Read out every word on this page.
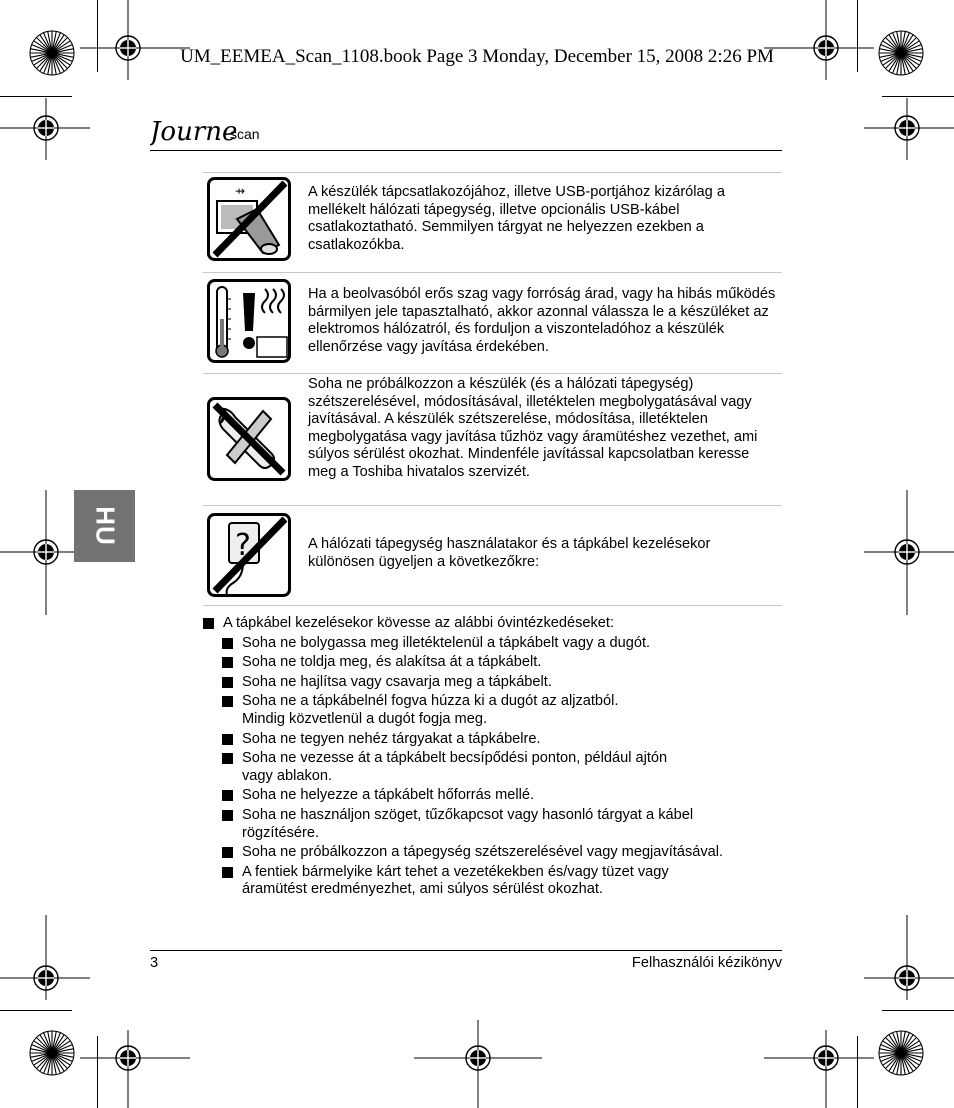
UM_EEMEA_Scan_1108.book Page 3 Monday, December 15, 2008 2:26 PM
Journe
scan
HU
⇸	A készülék tápcsatlakozójához, illetve USB-portjához kizárólag a mellékelt hálózati tápegység, illetve opcionális USB-kábel csatlakoztatható. Semmilyen tárgyat ne helyezzen ezekben a csatlakozókba.
Ha a beolvasóból erős szag vagy forróság árad, vagy ha hibás működés bármilyen jele tapasztalható, akkor azonnal válassza le a készüléket az elektromos hálózatról, és forduljon a viszonteladóhoz a készülék ellenőrzése vagy javítása érdekében.
Soha ne próbálkozzon a készülék (és a hálózati tápegység) szétszerelésével, módosításával, illetéktelen megbolygatásával vagy javításával. A készülék szétszerelése, módosítása, illetéktelen megbolygatása vagy javítása tűzhöz vagy áramütéshez vezethet, ami súlyos sérülést okozhat. Mindenféle javítással kapcsolatban keresse meg a Toshiba hivatalos szervizét.
?	A hálózati tápegység használatakor és a tápkábel kezelésekor különösen ügyeljen a következőkre:
A tápkábel kezelésekor kövesse az alábbi óvintézkedéseket:
Soha ne bolygassa meg illetéktelenül a tápkábelt vagy a dugót.
Soha ne toldja meg, és alakítsa át a tápkábelt.
Soha ne hajlítsa vagy csavarja meg a tápkábelt.
Soha ne a tápkábelnél fogva húzza ki a dugót az aljzatból.
Mindig közvetlenül a dugót fogja meg.
Soha ne tegyen nehéz tárgyakat a tápkábelre.
Soha ne vezesse át a tápkábelt becsípődési ponton, például ajtón
vagy ablakon.
Soha ne helyezze a tápkábelt hőforrás mellé.
Soha ne használjon szöget, tűzőkapcsot vagy hasonló tárgyat a kábel
rögzítésére.
Soha ne próbálkozzon a tápegység szétszerelésével vagy megjavításával.
A fentiek bármelyike kárt tehet a vezetékekben és/vagy tüzet vagy
áramütést eredményezhet, ami súlyos sérülést okozhat.
3	Felhasználói kézikönyv
